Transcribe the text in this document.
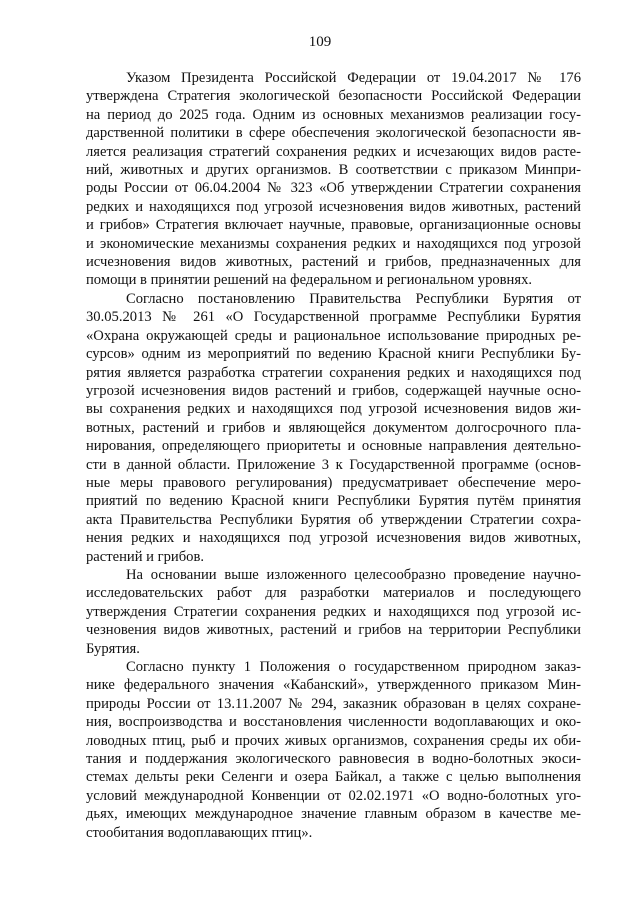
109
Указом Президента Российской Федерации от 19.04.2017 № 176
утверждена Стратегия экологической безопасности Российской Федерации
на период до 2025 года. Одним из основных механизмов реализации госу-
дарственной политики в сфере обеспечения экологической безопасности яв-
ляется реализация стратегий сохранения редких и исчезающих видов расте-
ний, животных и других организмов. В соответствии с приказом Минпри-
роды России от 06.04.2004 № 323 «Об утверждении Стратегии сохранения
редких и находящихся под угрозой исчезновения видов животных, растений
и грибов» Стратегия включает научные, правовые, организационные основы
и экономические механизмы сохранения редких и находящихся под угрозой
исчезновения видов животных, растений и грибов, предназначенных для
помощи в принятии решений на федеральном и региональном уровнях.
Согласно постановлению Правительства Республики Бурятия от
30.05.2013 № 261 «О Государственной программе Республики Бурятия
«Охрана окружающей среды и рациональное использование природных ре-
сурсов» одним из мероприятий по ведению Красной книги Республики Бу-
рятия является разработка стратегии сохранения редких и находящихся под
угрозой исчезновения видов растений и грибов, содержащей научные осно-
вы сохранения редких и находящихся под угрозой исчезновения видов жи-
вотных, растений и грибов и являющейся документом долгосрочного пла-
нирования, определяющего приоритеты и основные направления деятельно-
сти в данной области. Приложение 3 к Государственной программе (основ-
ные меры правового регулирования) предусматривает обеспечение меро-
приятий по ведению Красной книги Республики Бурятия путём принятия
акта Правительства Республики Бурятия об утверждении Стратегии сохра-
нения редких и находящихся под угрозой исчезновения видов животных,
растений и грибов.
На основании выше изложенного целесообразно проведение научно-
исследовательских работ для разработки материалов и последующего
утверждения Стратегии сохранения редких и находящихся под угрозой ис-
чезновения видов животных, растений и грибов на территории Республики
Бурятия.
Согласно пункту 1 Положения о государственном природном заказ-
нике федерального значения «Кабанский», утвержденного приказом Мин-
природы России от 13.11.2007 № 294, заказник образован в целях сохране-
ния, воспроизводства и восстановления численности водоплавающих и око-
ловодных птиц, рыб и прочих живых организмов, сохранения среды их оби-
тания и поддержания экологического равновесия в водно-болотных экоси-
стемах дельты реки Селенги и озера Байкал, а также с целью выполнения
условий международной Конвенции от 02.02.1971 «О водно-болотных уго-
дьях, имеющих международное значение главным образом в качестве ме-
стообитания водоплавающих птиц».
